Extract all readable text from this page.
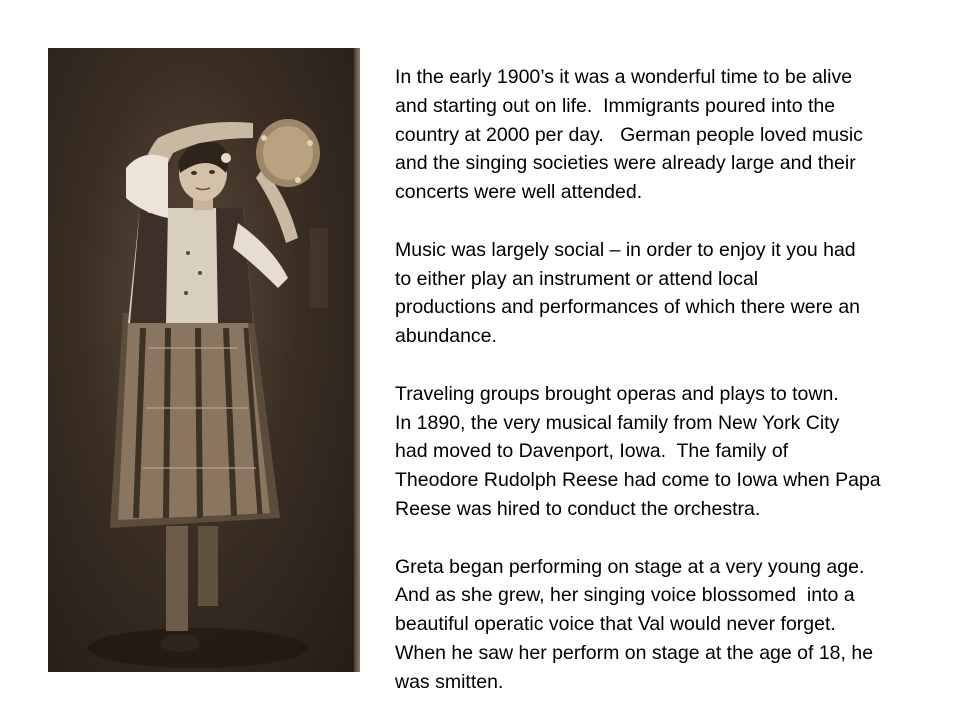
In the early 1900’s it was a wonderful time to be alive
and starting out on life.  Immigrants poured into the
country at 2000 per day.   German people loved music
and the singing societies were already large and their
concerts were well attended.
Music was largely social – in order to enjoy it you had
to either play an instrument or attend local
productions and performances of which there were an
abundance.
Traveling groups brought operas and plays to town.
In 1890, the very musical family from New York City
had moved to Davenport, Iowa.  The family of
Theodore Rudolph Reese had come to Iowa when Papa
Reese was hired to conduct the orchestra.
Greta began performing on stage at a very young age.
And as she grew, her singing voice blossomed  into a
beautiful operatic voice that Val would never forget.
When he saw her perform on stage at the age of 18, he
was smitten.
